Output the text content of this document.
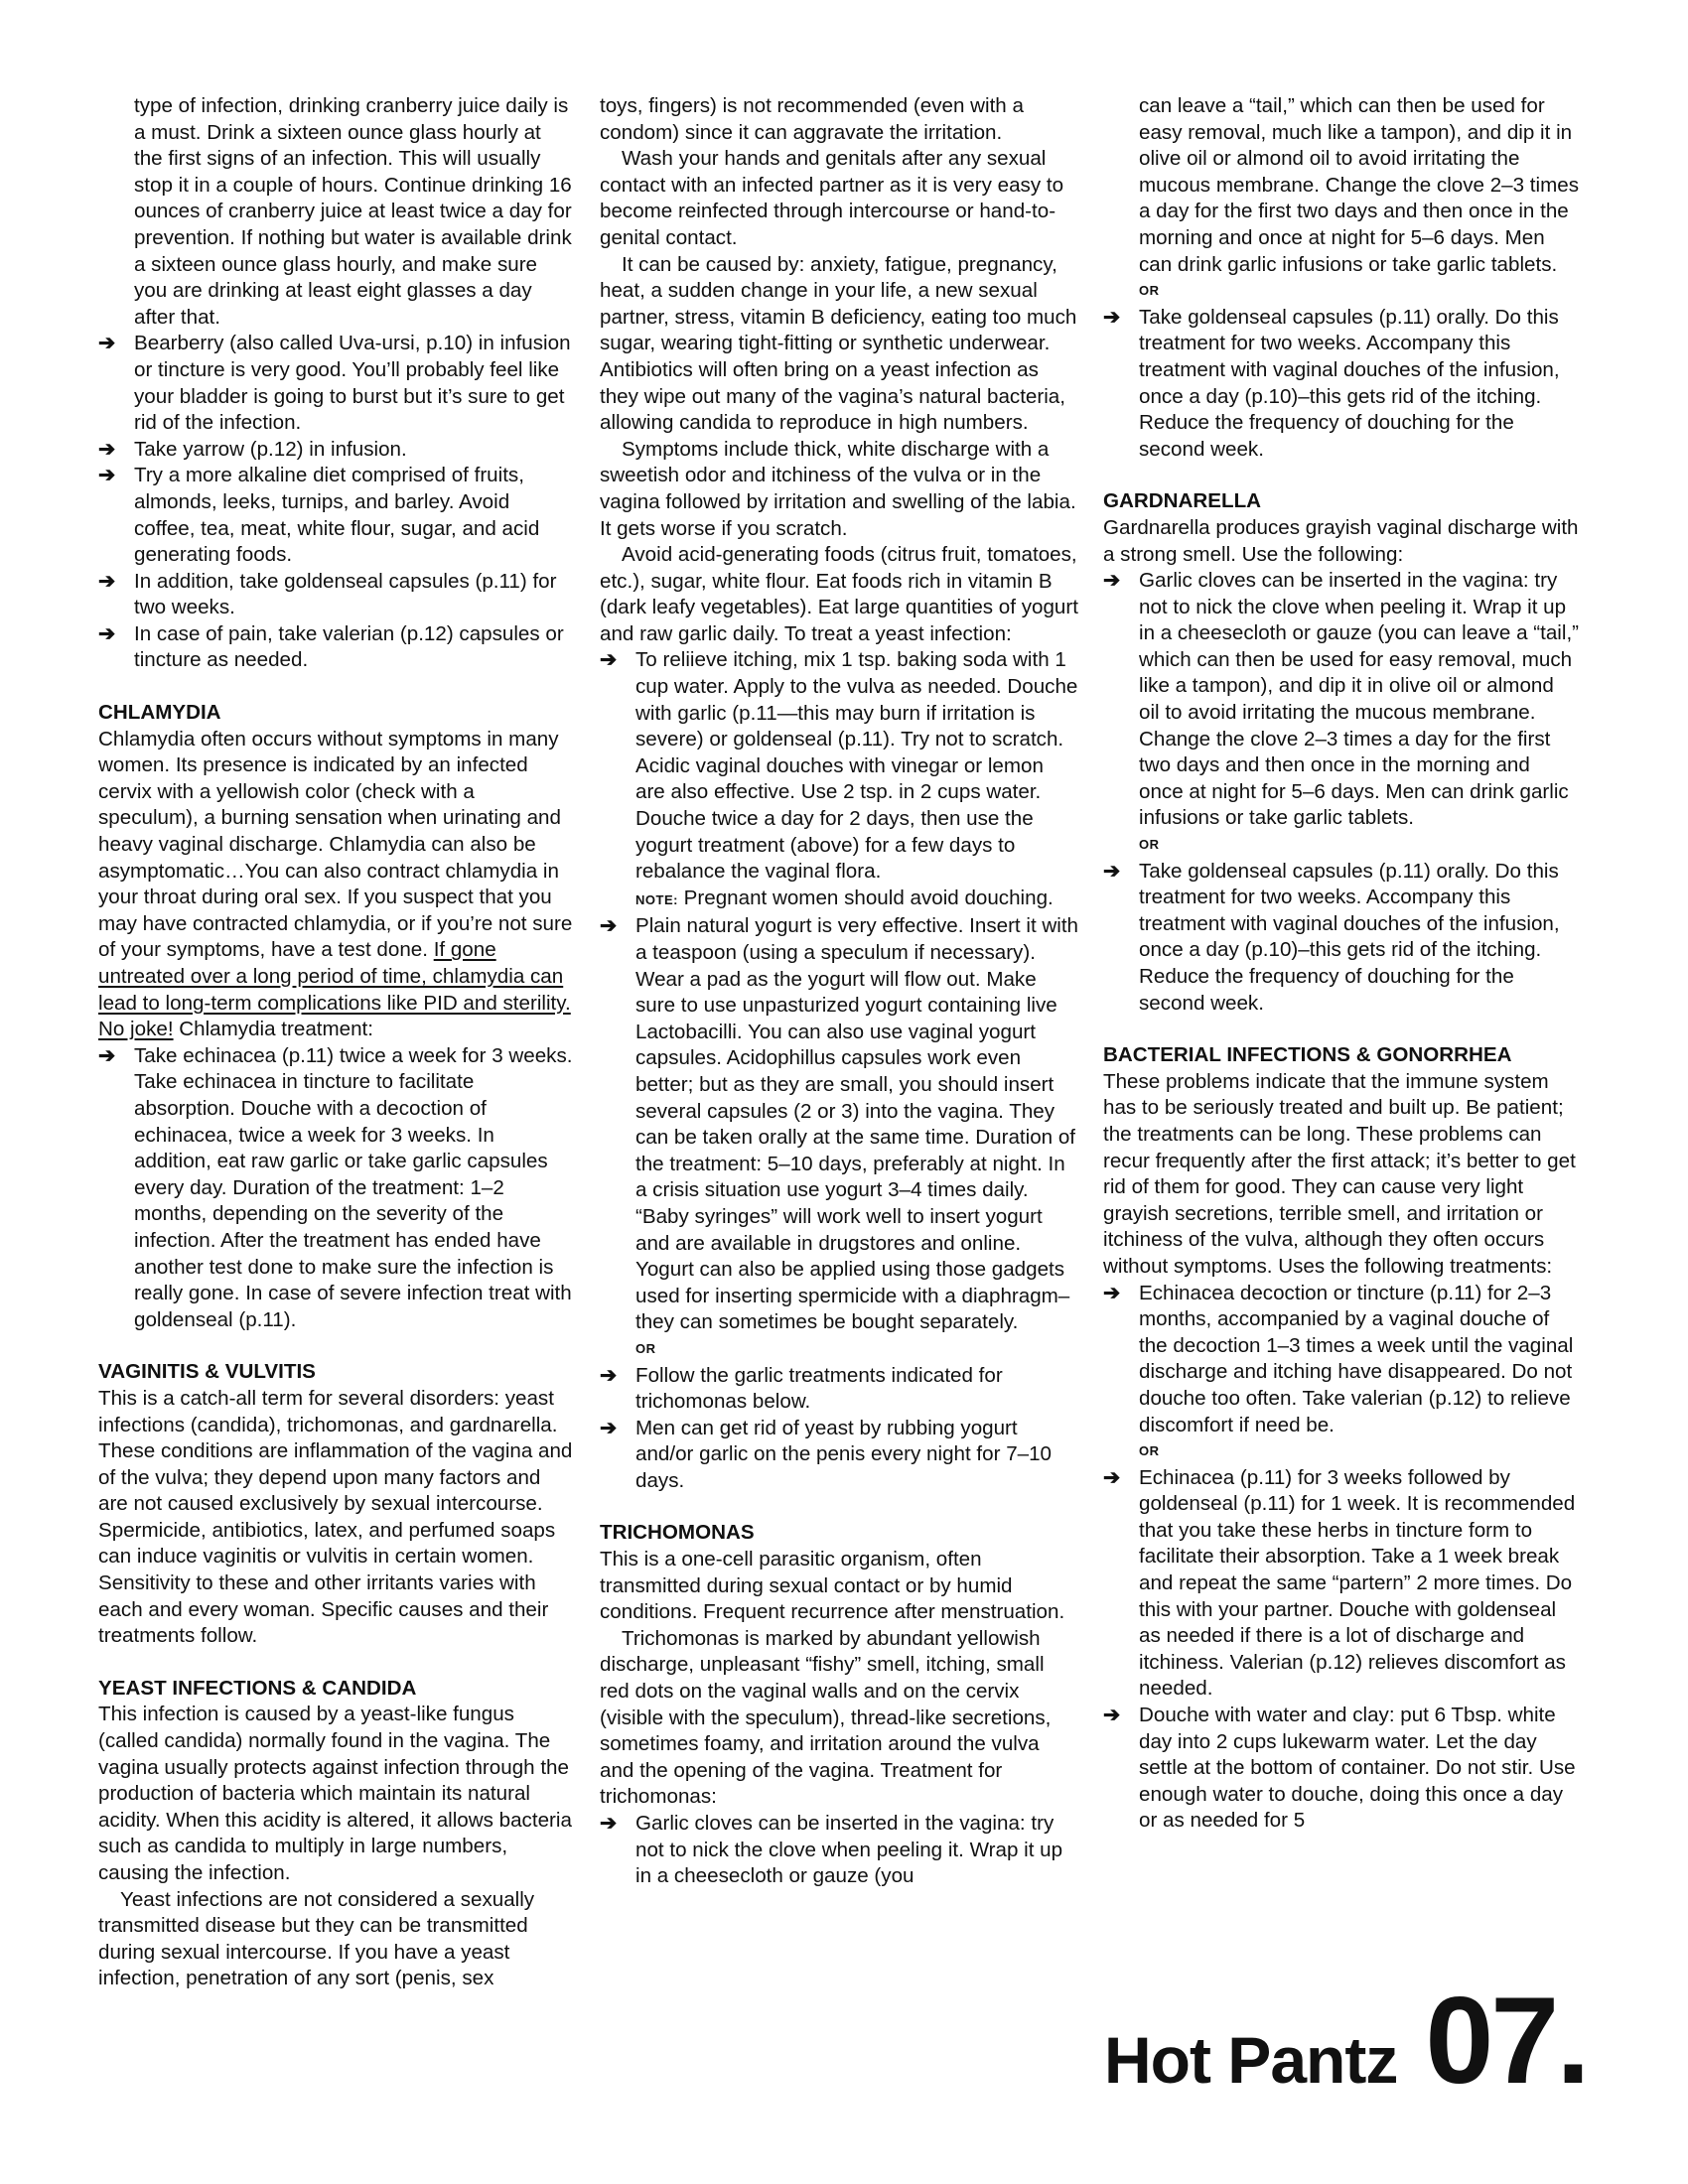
type of infection, drinking cranberry juice daily is a must. Drink a sixteen ounce glass hourly at the first signs of an infection. This will usually stop it in a couple of hours. Continue drinking 16 ounces of cranberry juice at least twice a day for prevention. If nothing but water is available drink a sixteen ounce glass hourly, and make sure you are drinking at least eight glasses a day after that.
➔ Bearberry (also called Uva-ursi, p.10) in infusion or tincture is very good. You’ll probably feel like your bladder is going to burst but it’s sure to get rid of the infection.
➔ Take yarrow (p.12) in infusion.
➔ Try a more alkaline diet comprised of fruits, almonds, leeks, turnips, and barley. Avoid coffee, tea, meat, white flour, sugar, and acid generating foods.
➔ In addition, take goldenseal capsules (p.11) for two weeks.
➔ In case of pain, take valerian (p.12) capsules or tincture as needed.
CHLAMYDIA
Chlamydia often occurs without symptoms in many women. Its presence is indicated by an infected cervix with a yellowish color (check with a speculum), a burning sensation when urinating and heavy vaginal discharge. Chlamydia can also be asymptomatic…You can also contract chlamydia in your throat during oral sex. If you suspect that you may have contracted chlamydia, or if you’re not sure of your symptoms, have a test done. If gone untreated over a long period of time, chlamydia can lead to long-term complications like PID and sterility. No joke! Chlamydia treatment:
➔ Take echinacea (p.11) twice a week for 3 weeks. Take echinacea in tincture to facilitate absorption. Douche with a decoction of echinacea, twice a week for 3 weeks. In addition, eat raw garlic or take garlic capsules every day. Duration of the treatment: 1–2 months, depending on the severity of the infection. After the treatment has ended have another test done to make sure the infection is really gone. In case of severe infection treat with goldenseal (p.11).
VAGINITIS & VULVITIS
This is a catch-all term for several disorders: yeast infections (candida), trichomonas, and gardnarella. These conditions are inflammation of the vagina and of the vulva; they depend upon many factors and are not caused exclusively by sexual intercourse. Spermicide, antibiotics, latex, and perfumed soaps can induce vaginitis or vulvitis in certain women. Sensitivity to these and other irritants varies with each and every woman. Specific causes and their treatments follow.
YEAST INFECTIONS & CANDIDA
This infection is caused by a yeast-like fungus (called candida) normally found in the vagina. The vagina usually protects against infection through the production of bacteria which maintain its natural acidity. When this acidity is altered, it allows bacteria such as candida to multiply in large numbers, causing the infection.
Yeast infections are not considered a sexually transmitted disease but they can be transmitted during sexual intercourse. If you have a yeast infection, penetration of any sort (penis, sex
toys, fingers) is not recommended (even with a condom) since it can aggravate the irritation.
Wash your hands and genitals after any sexual contact with an infected partner as it is very easy to become reinfected through intercourse or hand-to-genital contact.
It can be caused by: anxiety, fatigue, pregnancy, heat, a sudden change in your life, a new sexual partner, stress, vitamin B deficiency, eating too much sugar, wearing tight-fitting or synthetic underwear. Antibiotics will often bring on a yeast infection as they wipe out many of the vagina’s natural bacteria, allowing candida to reproduce in high numbers.
Symptoms include thick, white discharge with a sweetish odor and itchiness of the vulva or in the vagina followed by irritation and swelling of the labia. It gets worse if you scratch.
Avoid acid-generating foods (citrus fruit, tomatoes, etc.), sugar, white flour. Eat foods rich in vitamin B (dark leafy vegetables). Eat large quantities of yogurt and raw garlic daily. To treat a yeast infection:
➔ To reliieve itching, mix 1 tsp. baking soda with 1 cup water. Apply to the vulva as needed. Douche with garlic (p.11—this may burn if irritation is severe) or goldenseal (p.11). Try not to scratch. Acidic vaginal douches with vinegar or lemon are also effective. Use 2 tsp. in 2 cups water. Douche twice a day for 2 days, then use the yogurt treatment (above) for a few days to rebalance the vaginal flora.
NOTE: Pregnant women should avoid douching.
➔ Plain natural yogurt is very effective. Insert it with a teaspoon (using a speculum if necessary). Wear a pad as the yogurt will flow out. Make sure to use unpasturized yogurt containing live Lactobacilli. You can also use vaginal yogurt capsules. Acidophillus capsules work even better; but as they are small, you should insert several capsules (2 or 3) into the vagina. They can be taken orally at the same time. Duration of the treatment: 5–10 days, preferably at night. In a crisis situation use yogurt 3–4 times daily. “Baby syringes” will work well to insert yogurt and are available in drugstores and online. Yogurt can also be applied using those gadgets used for inserting spermicide with a diaphragm–they can sometimes be bought separately.
OR
➔ Follow the garlic treatments indicated for trichomonas below.
➔ Men can get rid of yeast by rubbing yogurt and/or garlic on the penis every night for 7–10 days.
TRICHOMONAS
This is a one-cell parasitic organism, often transmitted during sexual contact or by humid conditions. Frequent recurrence after menstruation.
Trichomonas is marked by abundant yellowish discharge, unpleasant “fishy” smell, itching, small red dots on the vaginal walls and on the cervix (visible with the speculum), thread-like secretions, sometimes foamy, and irritation around the vulva and the opening of the vagina. Treatment for trichomonas:
➔ Garlic cloves can be inserted in the vagina: try not to nick the clove when peeling it. Wrap it up in a cheesecloth or gauze (you
can leave a “tail,” which can then be used for easy removal, much like a tampon), and dip it in olive oil or almond oil to avoid irritating the mucous membrane. Change the clove 2–3 times a day for the first two days and then once in the morning and once at night for 5–6 days. Men can drink garlic infusions or take garlic tablets.
OR
➔ Take goldenseal capsules (p.11) orally. Do this treatment for two weeks. Accompany this treatment with vaginal douches of the infusion, once a day (p.10)–this gets rid of the itching. Reduce the frequency of douching for the second week.
GARDNARELLA
Gardnarella produces grayish vaginal discharge with a strong smell. Use the following:
➔ Garlic cloves can be inserted in the vagina: try not to nick the clove when peeling it. Wrap it up in a cheesecloth or gauze (you can leave a “tail,” which can then be used for easy removal, much like a tampon), and dip it in olive oil or almond oil to avoid irritating the mucous membrane. Change the clove 2–3 times a day for the first two days and then once in the morning and once at night for 5–6 days. Men can drink garlic infusions or take garlic tablets.
OR
➔ Take goldenseal capsules (p.11) orally. Do this treatment for two weeks. Accompany this treatment with vaginal douches of the infusion, once a day (p.10)–this gets rid of the itching. Reduce the frequency of douching for the second week.
BACTERIAL INFECTIONS & GONORRHEA
These problems indicate that the immune system has to be seriously treated and built up. Be patient; the treatments can be long. These problems can recur frequently after the first attack; it’s better to get rid of them for good. They can cause very light grayish secretions, terrible smell, and irritation or itchiness of the vulva, although they often occurs without symptoms. Uses the following treatments:
➔ Echinacea decoction or tincture (p.11) for 2–3 months, accompanied by a vaginal douche of the decoction 1–3 times a week until the vaginal discharge and itching have disappeared. Do not douche too often. Take valerian (p.12) to relieve discomfort if need be.
OR
➔ Echinacea (p.11) for 3 weeks followed by goldenseal (p.11) for 1 week. It is recommended that you take these herbs in tincture form to facilitate their absorption. Take a 1 week break and repeat the same “partern” 2 more times. Do this with your partner. Douche with goldenseal as needed if there is a lot of discharge and itchiness. Valerian (p.12) relieves discomfort as needed.
➔ Douche with water and clay: put 6 Tbsp. white day into 2 cups lukewarm water. Let the day settle at the bottom of container. Do not stir. Use enough water to douche, doing this once a day or as needed for 5
Hot Pantz 07.
